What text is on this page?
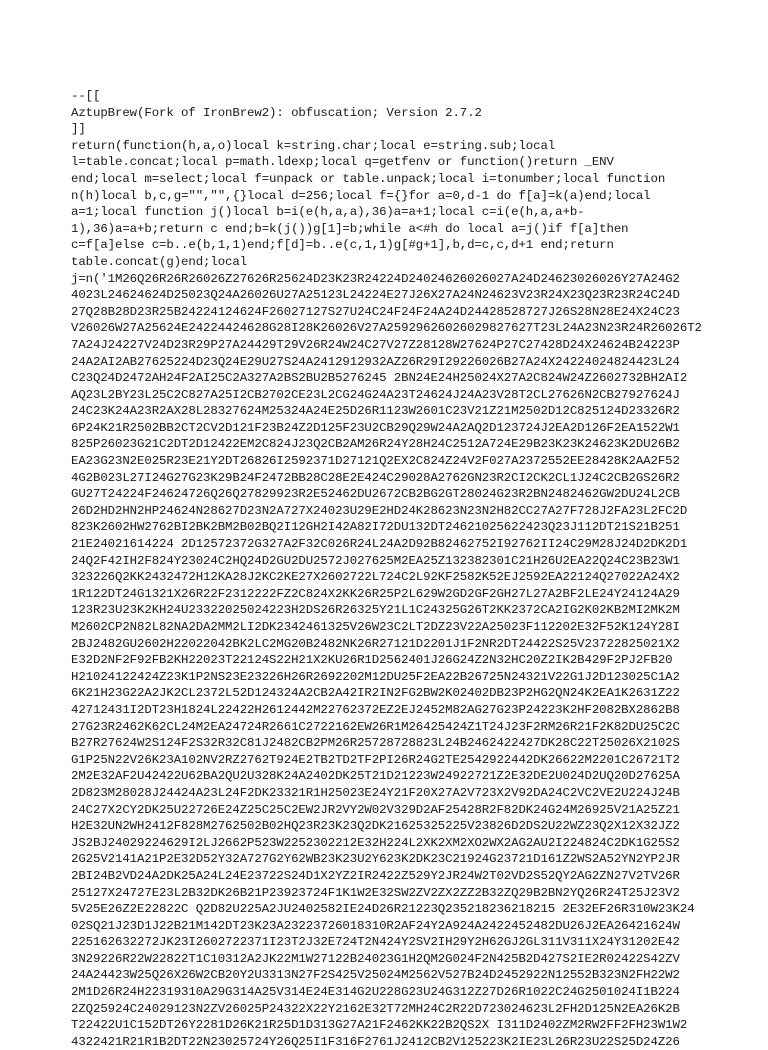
--[[
AztupBrew(Fork of IronBrew2): obfuscation; Version 2.7.2
]]
return(function(h,a,o)local k=string.char;local e=string.sub;local
l=table.concat;local p=math.ldexp;local q=getfenv or function()return _ENV
end;local m=select;local f=unpack or table.unpack;local i=tonumber;local function
n(h)local b,c,g="","",{}local d=256;local f={}for a=0,d-1 do f[a]=k(a)end;local
a=1;local function j()local b=i(e(h,a,a),36)a=a+1;local c=i(e(h,a,a+b-
1),36)a=a+b;return c end;b=k(j())g[1]=b;while a<#h do local a=j()if f[a]then
c=f[a]else c=b..e(b,1,1)end;f[d]=b..e(c,1,1)g[#g+1],b,d=c,c,d+1 end;return
table.concat(g)end;local
j=n('1M26Q26R26R26026Z27626R25624D23K23R24224D24024626026027A24D24623026026Y27A24G2
4023L24624624D25023Q24A26026U27A25123L24224E27J26X27A24N24623V23R24X23Q23R23R24C24D
27Q28B28D23R25B24224124624F26027127S27U24C24F24F24A24D24428528727J26S28N28E24X24C23
V26026W27A25624E24224424628G28I28K26026V27A25929626026029827627T23L24A23N23R24R26026T2
7A24J24227V24D23R29P27A24429T29V26R24W24C27V27Z28128W27624P27C27428D24X24624B24223P
24A2AI2AB27625224D23Q24E29U27S24A2412912932AZ26R29I29226026B27A24X24224024824423L24
C23Q24D2472AH24F2AI25C2A327A2BS2BU2B5276245 2BN24E24H25024X27A2C824W24Z2602732BH2AI2
AQ23L2BY23L25C2C827A25I2CB2702CE23L2CG24G24A23T24624J24A23V28T2CL27626N2CB27927624J
24C23K24A23R2AX28L28327624M25324A24E25D26R1123W2601C23V21Z21M2502D12C825124D23326R2
6P24K21R2502BB2CT2CV2D121F23B24Z2D125F23U2CB29Q29W24A2AQ2D123724J2EA2D126F2EA1522W1
825P26023G21C2DT2D12422EM2C824J23Q2CB2AM26R24Y28H24C2512A724E29B23K23K24623K2DU26B2
EA23G23N2E025R23E21Y2DT26826I2592371D27121Q2EX2C824Z24V2F027A2372552EE28428K2AA2F52
4G2B023L27I24G27G23K29B24F2472BB28C28E2E424C29028A2762GN23R2CI2CK2CL1J24C2CB2GS26R2
GU27T24224F24624726Q26Q27829923R2E52462DU2672CB2BG2GT28024G23R2BN2482462GW2DU24L2CB
26D2HD2HN2HP24624N28627D23N2A727X24023U29E2HD24K28623N23N2H82CC27A27F728J2FA23L2FC2D
823K2602HW2762BI2BK2BM2B02BQ2I12GH2I42A82I72DU132DT24621025622423Q23J112DT21S21B251
21E24021614224 2D12572372G327A2F32C026R24L24A2D92B82462752I92762II24C29M28J24D2DK2D1
24Q2F42IH2F824Y23024C2HQ24D2GU2DU2572J027625M2EA25Z132382301C21H26U2EA22Q24C23B23W1
323226Q2KK2432472H12KA28J2KC2KE27X2602722L724C2L92KF2582K52EJ2592EA22124Q27022A24X2
1R122DT24G1321X26R22F2312222FZ2C824X2KK26R25P2L629W2GD2GF2GH27L27A2BF2LE24Y24124A29
123R23U23K2KH24U23322025024223H2DS26R26325Y21L1C24325G26T2KK2372CA2IG2K02KB2MI2MK2M
M2602CP2N82L82NA2DA2MM2LI2DK2342461325V26W23C2LT2DZ23V22A25023F112202E32F52K124Y28I
2BJ2482GU2602H22022042BK2LC2MG20B2482NK26R27121D2201J1F2NR2DT24422S25V23722825021X2
E32D2NF2F92FB2KH22023T22124S22H21X2KU26R1D2562401J26G24Z2N32HC20Z2IK2B429F2PJ2FB20
H21024122424Z23K1P2NS23E23226H26R2692202M12DU25F2EA22B26725N24321V22G1J2D123025C1A2
6K21H23G22A2JK2CL2372L52D124324A2CB2A42IR2IN2FG2BW2K02402DB23P2HG2QN24K2EA1K2631Z22
42712431I2DT23H1824L22422H2612442M22762372EZ2EJ2452M82AG27G23P24223K2HF2082BX2862B8
27G23R2462K62CL24M2EA24724R2661C2722162EW26R1M26425424Z1T24J23F2RM26R21F2K82DU25C2C
B27R27624W2S124F2S32R32C81J2482CB2PM26R25728728823L24B2462422427DK28C22T25026X2102S
G1P25N22V26K23A102NV2RZ2762T924E2TB2TD2TF2PI26R24G2TE2542922442DK26622M2201C26721T2
2M2E32AF2U42422U62BA2QU2U328K24A2402DK25T21D21223W24922721Z2E32DE2U024D2UQ20D27625A
2D823M28028J24424A23L24F2DK23321R1H25023E24Y21F20X27A2V723X2V92DA24C2VC2VE2U224J24B
24C27X2CY2DK25U22726E24Z25C25C2EW2JR2VY2W02V329D2AF25428R2F82DK24G24M26925V21A25Z21
H2E32UN2WH2412F828M2762502B02HQ23R23K23Q2DK21625325225V23826D2DS2U22WZ23Q2X12X32JZ2
JS2BJ24029224629I2LJ2662P523W2252302212E32H224L2XK2XM2XO2WX2AG2AU2I224824C2DK1G25S2
2G25V2141A21P2E32D52Y32A727G2Y62WB23K23U2Y623K2DK23C21924G23721D161Z2WS2A52YN2YP2JR
2BI24B2VD24A2DK25A24L24E23722S24D1X2YZ2IR2422Z529Y2JR24W2T02VD2S52QY2AG2ZN27V2TV26R
25127X24727E23L2B32DK26B21P23923724F1K1W2E32SW2ZV2ZX2ZZ2B32ZQ29B2BN2YQ26R24T25J23V2
5V25E26Z2E22822C Q2D82U225A2JU2402582IE24D26R21223Q235218236218215 2E32EF26R310W23K24
02SQ21J23D1J22B21M142DT23K23A23223726018310R2AF24Y2A924A2422452482DU26J2EA26421624W
225162632272JK23I2602722371I23T2J32E724T2N424Y2SV2IH29Y2H62GJ2GL311V311X24Y31202E42
3N29226R22W22822T1C10312A2JK22M1W27122B24023G1H2QM2G024F2N425B2D427S2IE2R02422S42ZV
24A24423W25Q26X26W2CB20Y2U3313N27F2S425V25024M2562V527B24D2452922N12552B323N2FH22W2
2M1D26R24H22319310A29G314A25V314E24E314G2U228G23U24G312Z27D26R1022C24G2501024I1B224
2ZQ25924C24029123N2ZV26025P24322X22Y2162E32T72MH24C2R22D723024623L2FH2D125N2EA26K2B
T22422U1C152DT26Y2281D26K21R25D1D313G27A21F2462KK22B2QS2X I311D2402ZM2RW2FF2FH23W1W2
4322421R21R1B2DT22N23025724Y26Q25I1F316F2761J2412CB2V125223K2IE23L26R23U22S25D24Z26
